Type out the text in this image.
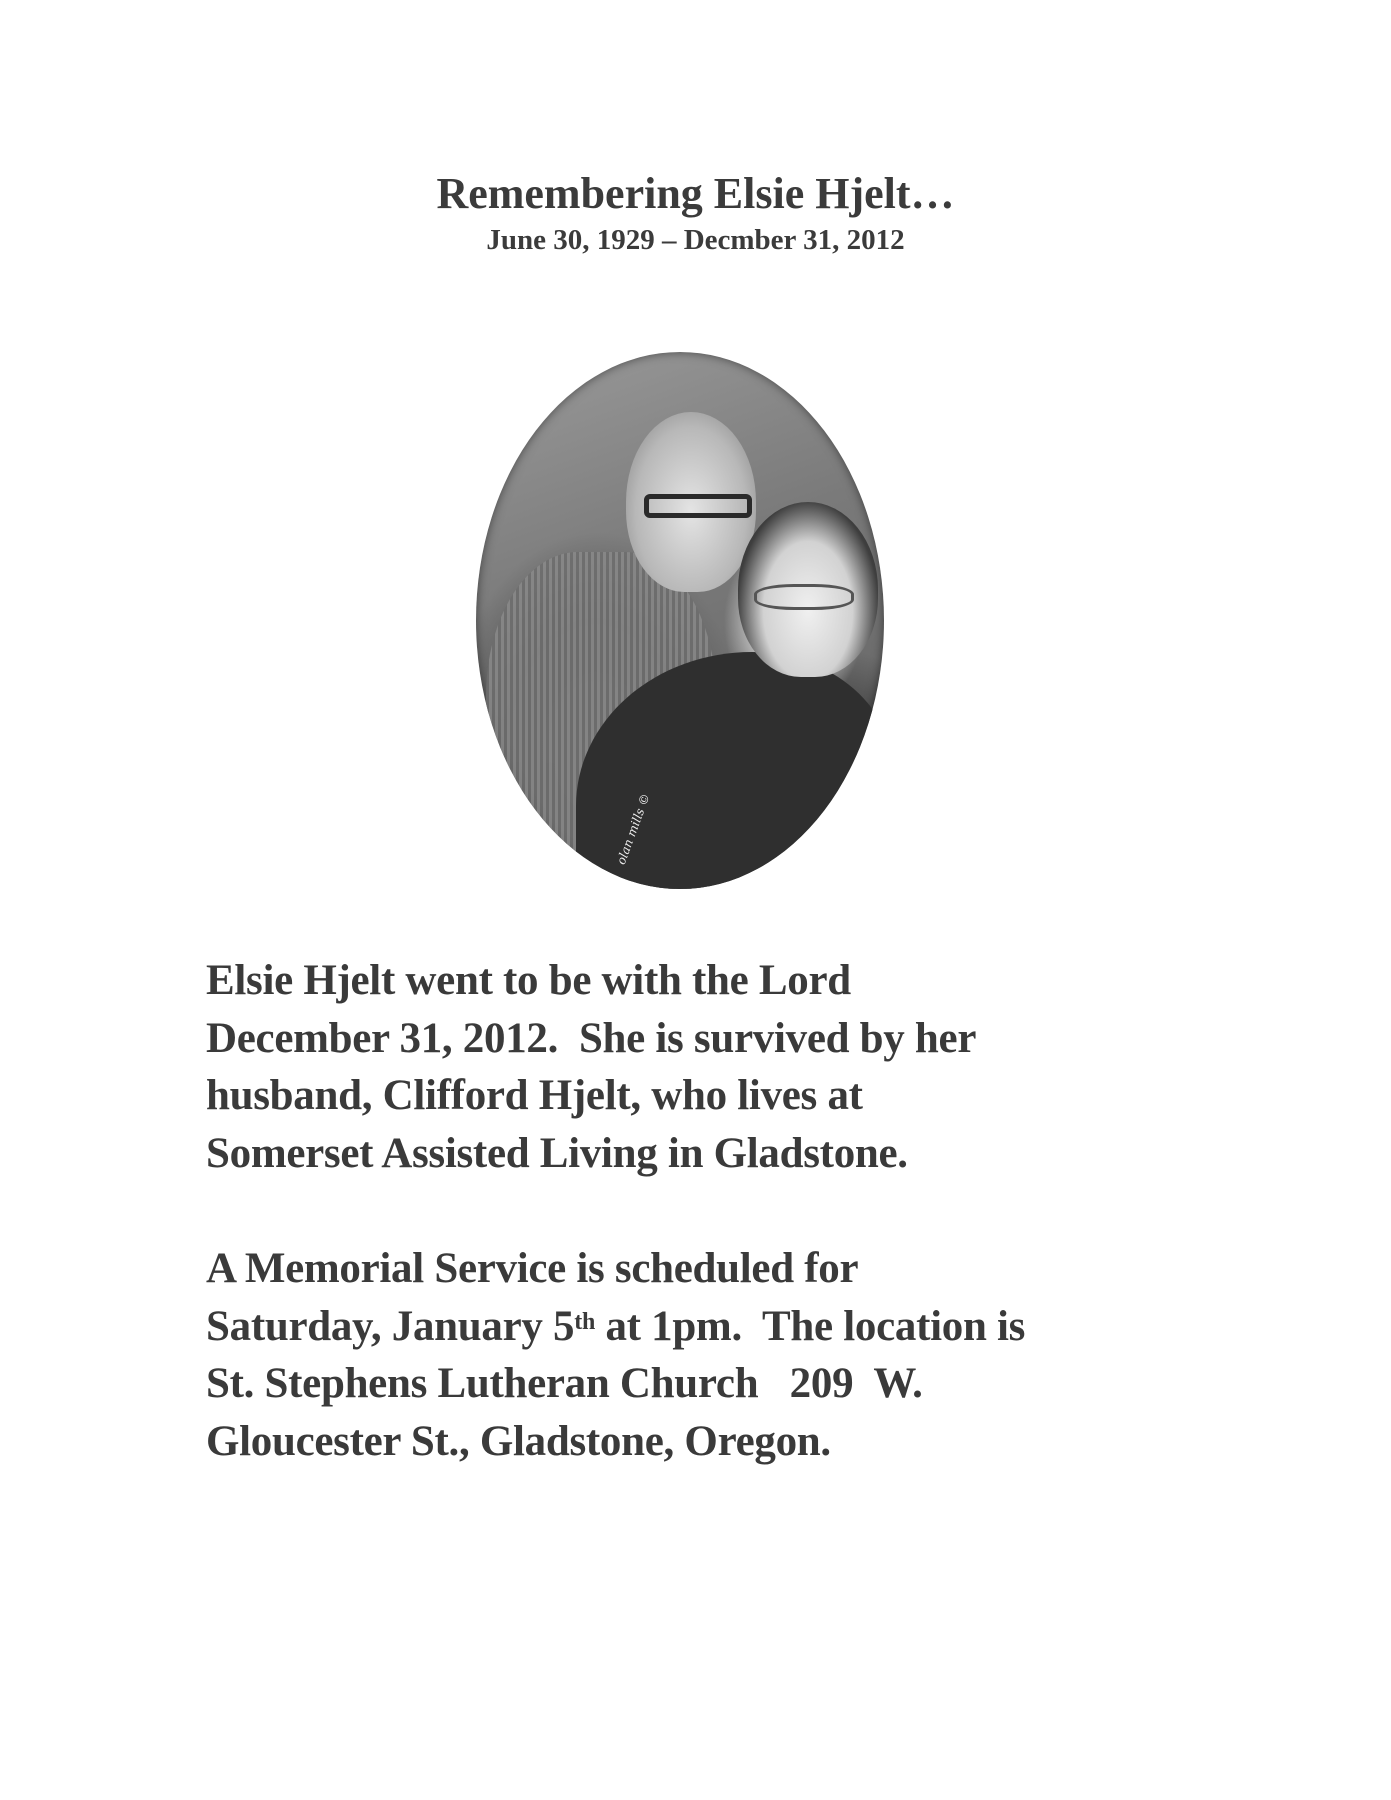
Remembering Elsie Hjelt…
June 30, 1929 – Decmber 31, 2012
olan mills ©
Elsie Hjelt went to be with the Lord
December 31, 2012.  She is survived by her
husband, Clifford Hjelt, who lives at
Somerset Assisted Living in Gladstone.
A Memorial Service is scheduled for
Saturday, January 5th at 1pm.  The location is
St. Stephens Lutheran Church   209  W.
Gloucester St., Gladstone, Oregon.
